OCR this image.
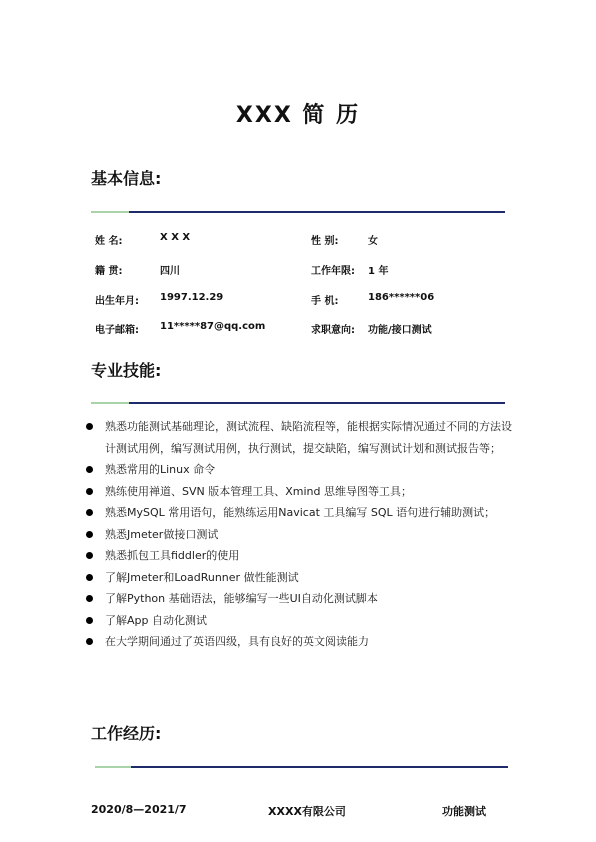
XXX 简 历
基本信息:
姓 名:	X X X	性 别:	女
籍 贯:	四川	工作年限: 1 年
出生年月: 1997.12.29	手 机:	186******06
电子邮箱: 11*****87@qq.com	求职意向: 功能/接口测试
专业技能:
熟悉功能测试基础理论，测试流程、缺陷流程等，能根据实际情况通过不同的方法设计测试用例，编写测试用例，执行测试，提交缺陷，编写测试计划和测试报告等；
熟悉常用的Linux 命令
熟练使用禅道、SVN 版本管理工具、Xmind 思维导图等工具；
熟悉MySQL 常用语句，能熟练运用Navicat 工具编写 SQL 语句进行辅助测试；
熟悉Jmeter做接口测试
熟悉抓包工具fiddler的使用
了解Jmeter和LoadRunner 做性能测试
了解Python 基础语法，能够编写一些UI自动化测试脚本
了解App 自动化测试
在大学期间通过了英语四级，具有良好的英文阅读能力
工作经历:
2020/8—2021/7	XXXX有限公司	功能测试
